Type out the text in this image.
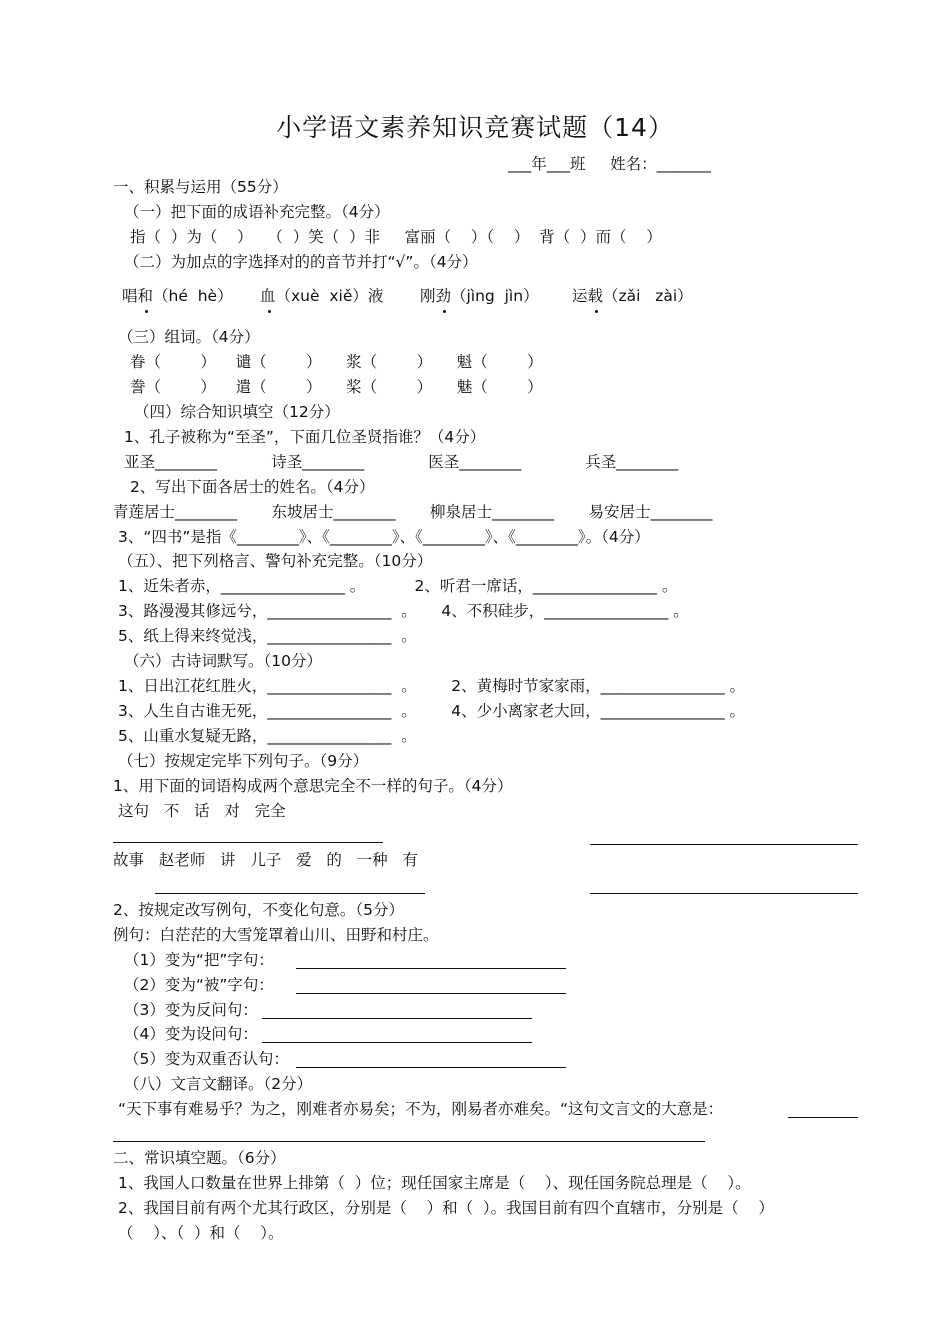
小学语文素养知识竞赛试题（14）
___年___班     姓名：_______
一、积累与运用（55分）
（一）把下面的成语补充完整。（4分）
指（  ）为（    ）   （  ）笑（  ）非     富丽（    ）（    ）  背（  ）而（    ）
（二）为加点的字选择对的的音节并打“√”。（4分）
唱和（hé  hè） 血（xuè  xiě）液 刚劲（jìng  jìn） 运载（zǎi   zài）
（三）组词。（4分）
眷（        ）    谴（        ）     浆（        ）     魁（        ）
誊（        ）    遣（        ）     桨（        ）     魅（        ）
（四）综合知识填空（12分）
1、孔子被称为“至圣”，下面几位圣贤指谁？（4分）
亚圣________           诗圣________             医圣________             兵圣________
2、写出下面各居士的姓名。（4分）
青莲居士________       东坡居士________       柳泉居士________       易安居士________
3、“四书”是指《________》、《________》、《________》、《________》。（4分）
（五）、把下列格言、警句补充完整。（10分）
1、近朱者赤，________________ 。          2、听君一席话，________________ 。
3、路漫漫其修远兮，________________  。     4、不积硅步，________________ 。
5、纸上得来终觉浅，________________  。
（六）古诗词默写。（10分）
1、日出江花红胜火，________________  。       2、黄梅时节家家雨，________________ 。
3、人生自古谁无死，________________  。       4、少小离家老大回，________________ 。
5、山重水复疑无路，________________  。
（七）按规定完毕下列句子。（9分）
1、用下面的词语构成两个意思完全不一样的句子。（4分）
这句   不   话   对   完全
故事   赵老师   讲   儿子   爱   的   一种   有
2、按规定改写例句，不变化句意。（5分）
例句：白茫茫的大雪笼罩着山川、田野和村庄。
（1）变为“把”字句：
（2）变为“被”字句：
（3）变为反问句：
（4）变为设问句：
（5）变为双重否认句：
（八）文言文翻译。（2分）
“天下事有难易乎？为之，刚难者亦易矣；不为，刚易者亦难矣。“这句文言文的大意是：
二、常识填空题。（6分）
1、我国人口数量在世界上排第（  ）位；现任国家主席是（    ）、现任国务院总理是（    ）。
2、我国目前有两个尤其行政区，分别是（    ）和（  ）。我国目前有四个直辖市，分别是（    ）
（    ）、（  ）和（    ）。
